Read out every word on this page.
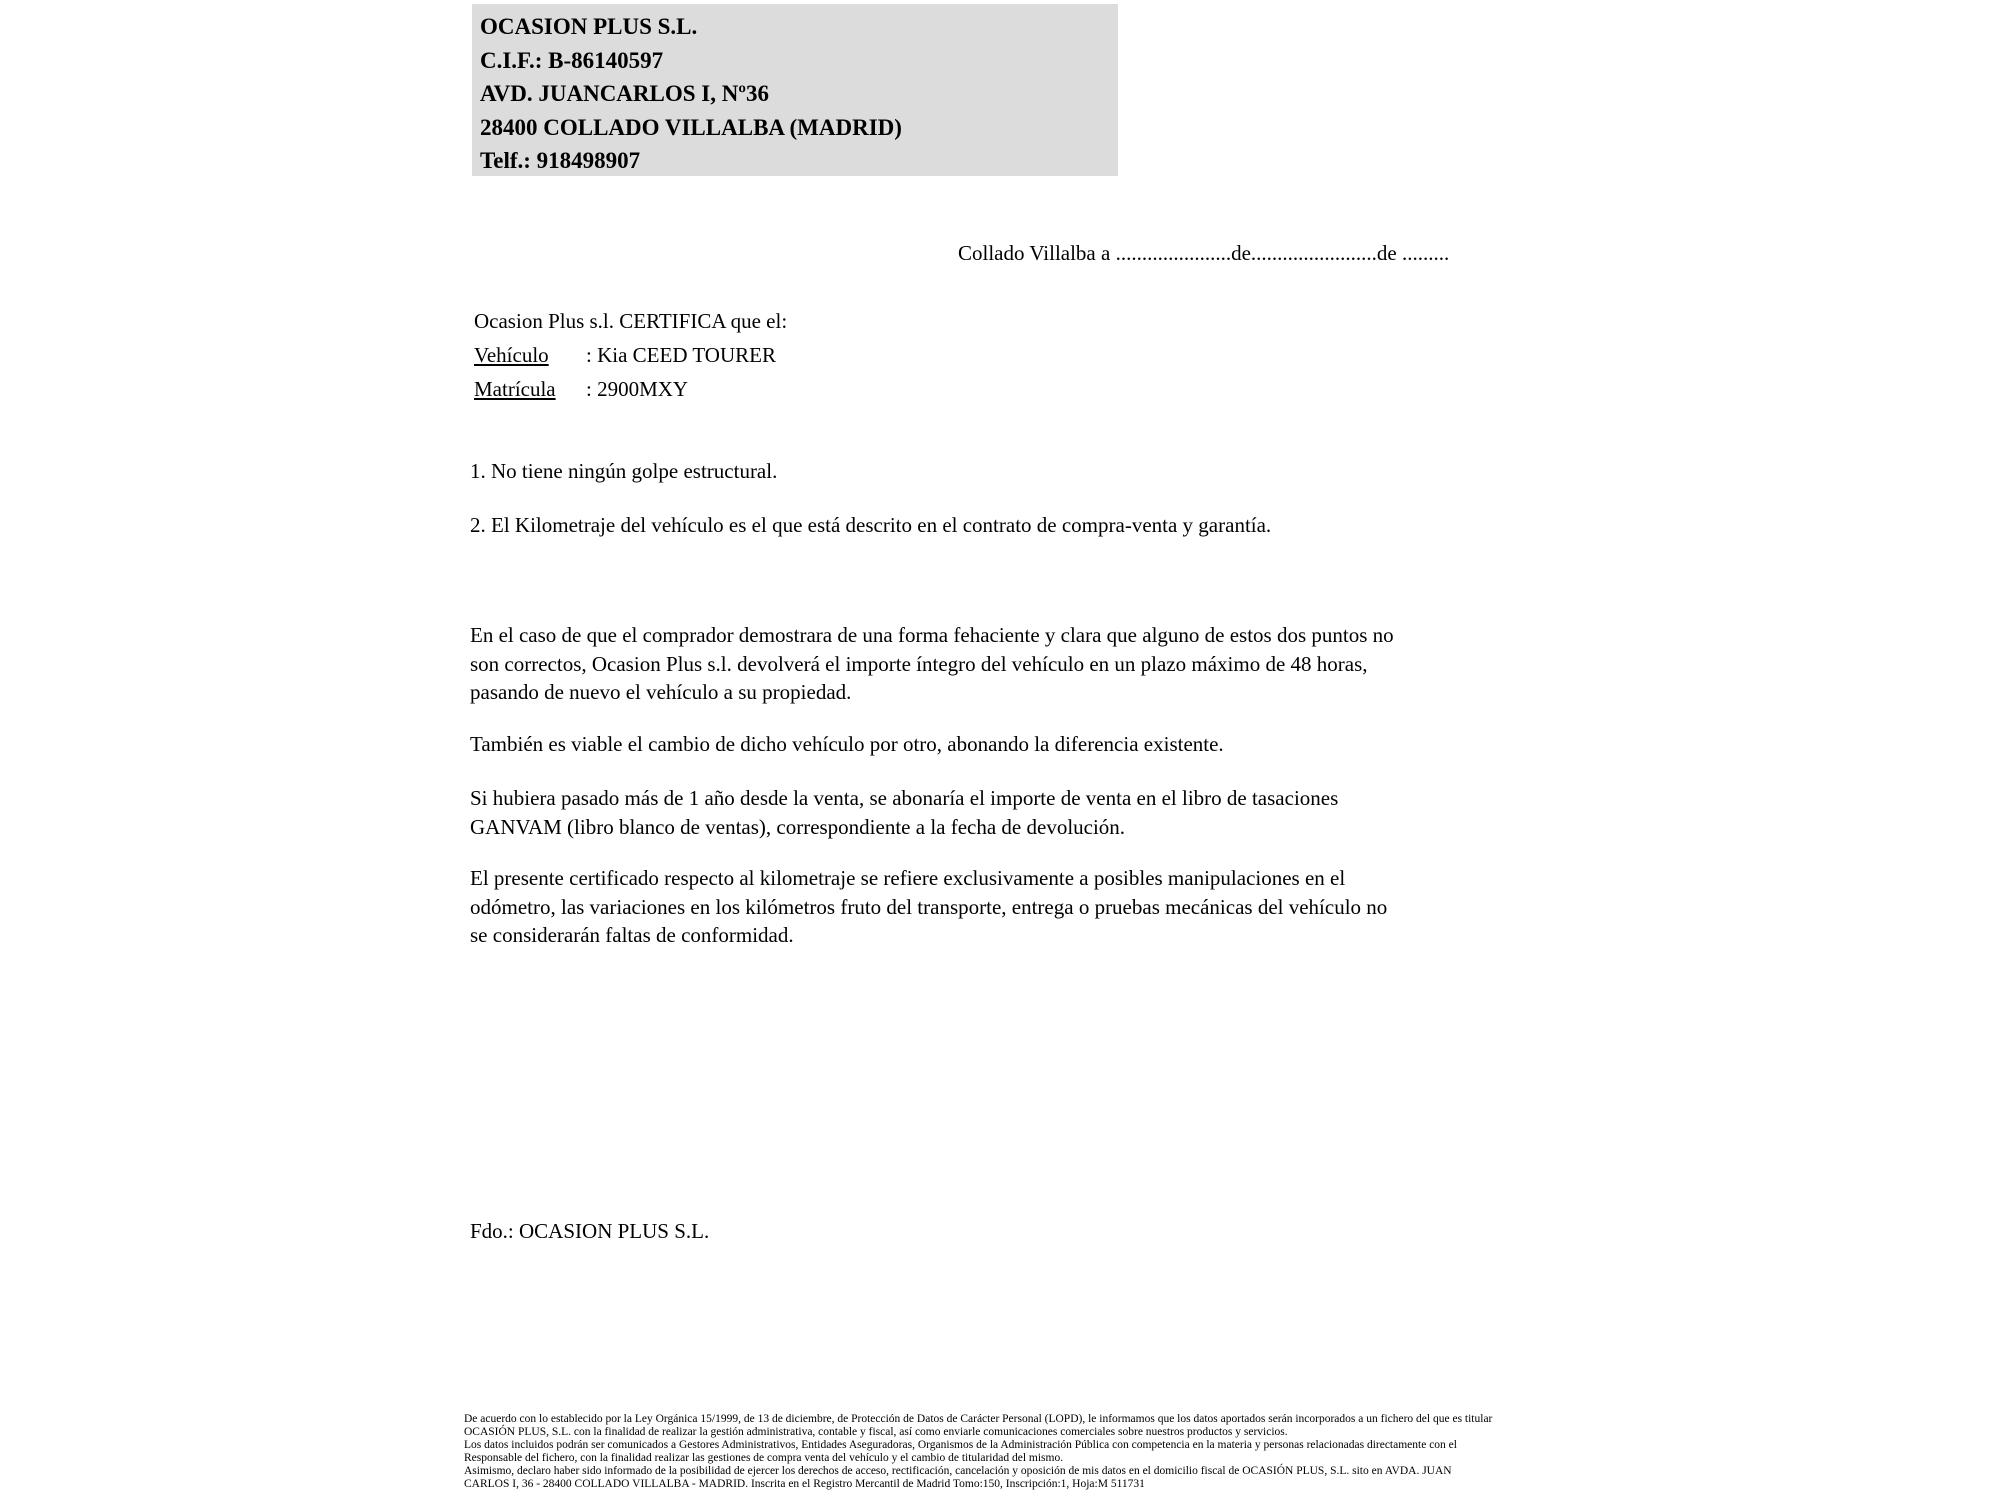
OCASION PLUS S.L.
C.I.F.: B-86140597
AVD. JUANCARLOS I, Nº36
28400 COLLADO VILLALBA (MADRID)
Telf.: 918498907
Collado Villalba a ......................de........................de .........
Ocasion Plus s.l. CERTIFICA que el:
Vehículo : Kia CEED TOURER
Matrícula : 2900MXY
1. No tiene ningún golpe estructural.
2. El Kilometraje del vehículo es el que está descrito en el contrato de compra-venta y garantía.
En el caso de que el comprador demostrara de una forma fehaciente y clara que alguno de estos dos puntos no
son correctos, Ocasion Plus s.l. devolverá el importe íntegro del vehículo en un plazo máximo de 48 horas,
pasando de nuevo el vehículo a su propiedad.
También es viable el cambio de dicho vehículo por otro, abonando la diferencia existente.
Si hubiera pasado más de 1 año desde la venta, se abonaría el importe de venta en el libro de tasaciones
GANVAM (libro blanco de ventas), correspondiente a la fecha de devolución.
El presente certificado respecto al kilometraje se refiere exclusivamente a posibles manipulaciones en el
odómetro, las variaciones en los kilómetros fruto del transporte, entrega o pruebas mecánicas del vehículo no
se considerarán faltas de conformidad.
Fdo.: OCASION PLUS S.L.
De acuerdo con lo establecido por la Ley Orgánica 15/1999, de 13 de diciembre, de Protección de Datos de Carácter Personal (LOPD), le informamos que los datos aportados serán incorporados a un fichero del que es titular
OCASIÓN PLUS, S.L. con la finalidad de realizar la gestión administrativa, contable y fiscal, así como enviarle comunicaciones comerciales sobre nuestros productos y servicios.
Los datos incluidos podrán ser comunicados a Gestores Administrativos, Entidades Aseguradoras, Organismos de la Administración Pública con competencia en la materia y personas relacionadas directamente con el
Responsable del fichero, con la finalidad realizar las gestiones de compra venta del vehículo y el cambio de titularidad del mismo.
Asimismo, declaro haber sido informado de la posibilidad de ejercer los derechos de acceso, rectificación, cancelación y oposición de mis datos en el domicilio fiscal de OCASIÓN PLUS, S.L. sito en AVDA. JUAN
CARLOS I, 36 - 28400 COLLADO VILLALBA - MADRID. Inscrita en el Registro Mercantil de Madrid Tomo:150, Inscripción:1, Hoja:M 511731
